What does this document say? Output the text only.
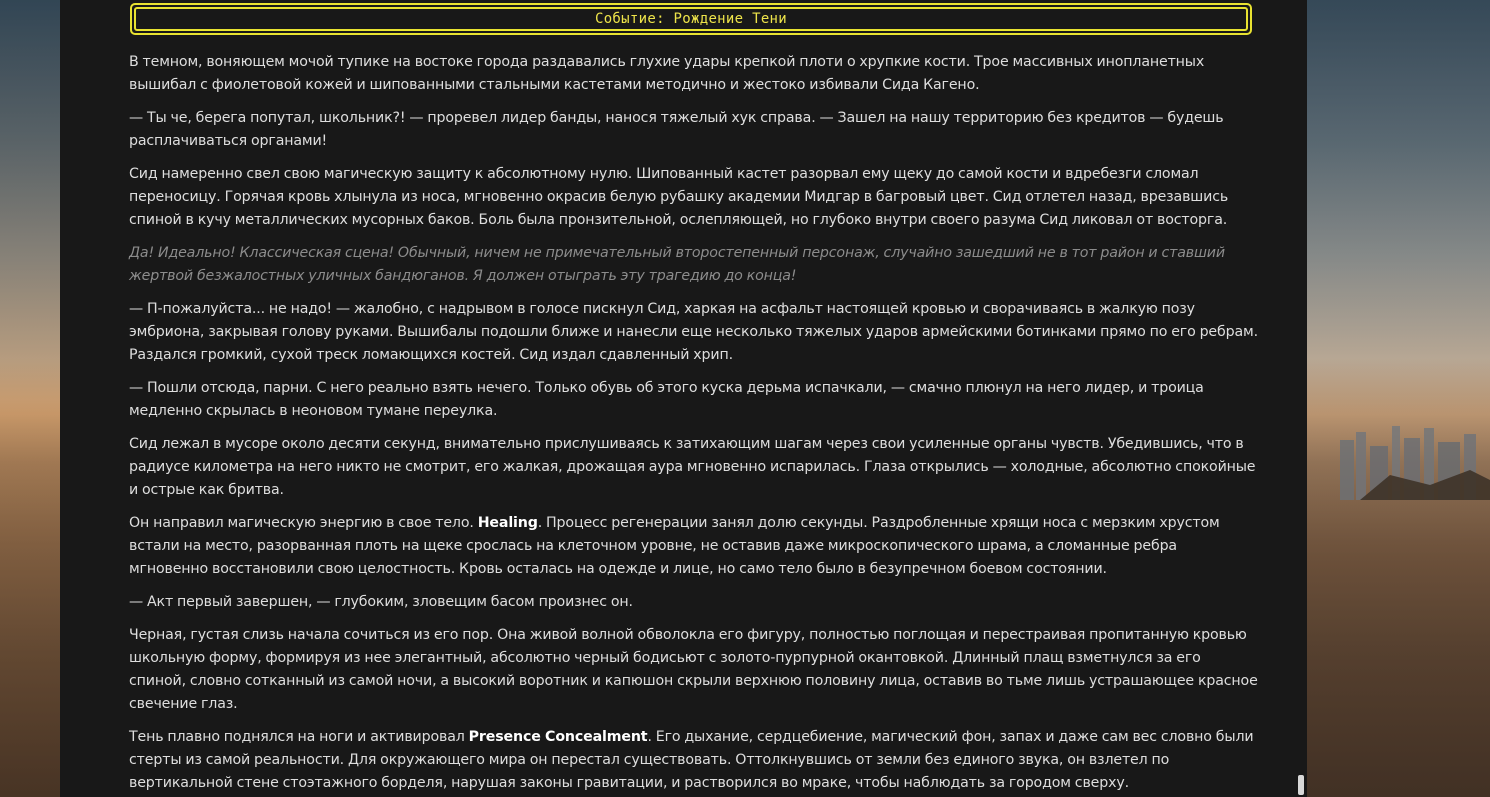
Событие: Рождение Тени

В темном, воняющем мочой тупике на востоке города раздавались глухие удары крепкой плоти о хрупкие кости. Трое массивных инопланетных вышибал с фиолетовой кожей и шипованными стальными кастетами методично и жестоко избивали Сида Кагено.

— Ты че, берега попутал, школьник?! — проревел лидер банды, нанося тяжелый хук справа. — Зашел на нашу территорию без кредитов — будешь расплачиваться органами!

Сид намеренно свел свою магическую защиту к абсолютному нулю. Шипованный кастет разорвал ему щеку до самой кости и вдребезги сломал переносицу. Горячая кровь хлынула из носа, мгновенно окрасив белую рубашку академии Мидгар в багровый цвет. Сид отлетел назад, врезавшись спиной в кучу металлических мусорных баков. Боль была пронзительной, ослепляющей, но глубоко внутри своего разума Сид ликовал от восторга.

Да! Идеально! Классическая сцена! Обычный, ничем не примечательный второстепенный персонаж, случайно зашедший не в тот район и ставший жертвой безжалостных уличных бандюганов. Я должен отыграть эту трагедию до конца!

— П-пожалуйста... не надо! — жалобно, с надрывом в голосе пискнул Сид, харкая на асфальт настоящей кровью и сворачиваясь в жалкую позу эмбриона, закрывая голову руками. Вышибалы подошли ближе и нанесли еще несколько тяжелых ударов армейскими ботинками прямо по его ребрам. Раздался громкий, сухой треск ломающихся костей. Сид издал сдавленный хрип.

— Пошли отсюда, парни. С него реально взять нечего. Только обувь об этого куска дерьма испачкали, — смачно плюнул на него лидер, и троица медленно скрылась в неоновом тумане переулка.

Сид лежал в мусоре около десяти секунд, внимательно прислушиваясь к затихающим шагам через свои усиленные органы чувств. Убедившись, что в радиусе километра на него никто не смотрит, его жалкая, дрожащая аура мгновенно испарилась. Глаза открылись — холодные, абсолютно спокойные и острые как бритва.

Он направил магическую энергию в свое тело. Healing. Процесс регенерации занял долю секунды. Раздробленные хрящи носа с мерзким хрустом встали на место, разорванная плоть на щеке срослась на клеточном уровне, не оставив даже микроскопического шрама, а сломанные ребра мгновенно восстановили свою целостность. Кровь осталась на одежде и лице, но само тело было в безупречном боевом состоянии.

— Акт первый завершен, — глубоким, зловещим басом произнес он.

Черная, густая слизь начала сочиться из его пор. Она живой волной обволокла его фигуру, полностью поглощая и перестраивая пропитанную кровью школьную форму, формируя из нее элегантный, абсолютно черный бодисьют с золото-пурпурной окантовкой. Длинный плащ взметнулся за его спиной, словно сотканный из самой ночи, а высокий воротник и капюшон скрыли верхнюю половину лица, оставив во тьме лишь устрашающее красное свечение глаз.

Тень плавно поднялся на ноги и активировал Presence Concealment. Его дыхание, сердцебиение, магический фон, запах и даже сам вес словно были стерты из самой реальности. Для окружающего мира он перестал существовать. Оттолкнувшись от земли без единого звука, он взлетел по вертикальной стене стоэтажного борделя, нарушая законы гравитации, и растворился во мраке, чтобы наблюдать за городом сверху.
